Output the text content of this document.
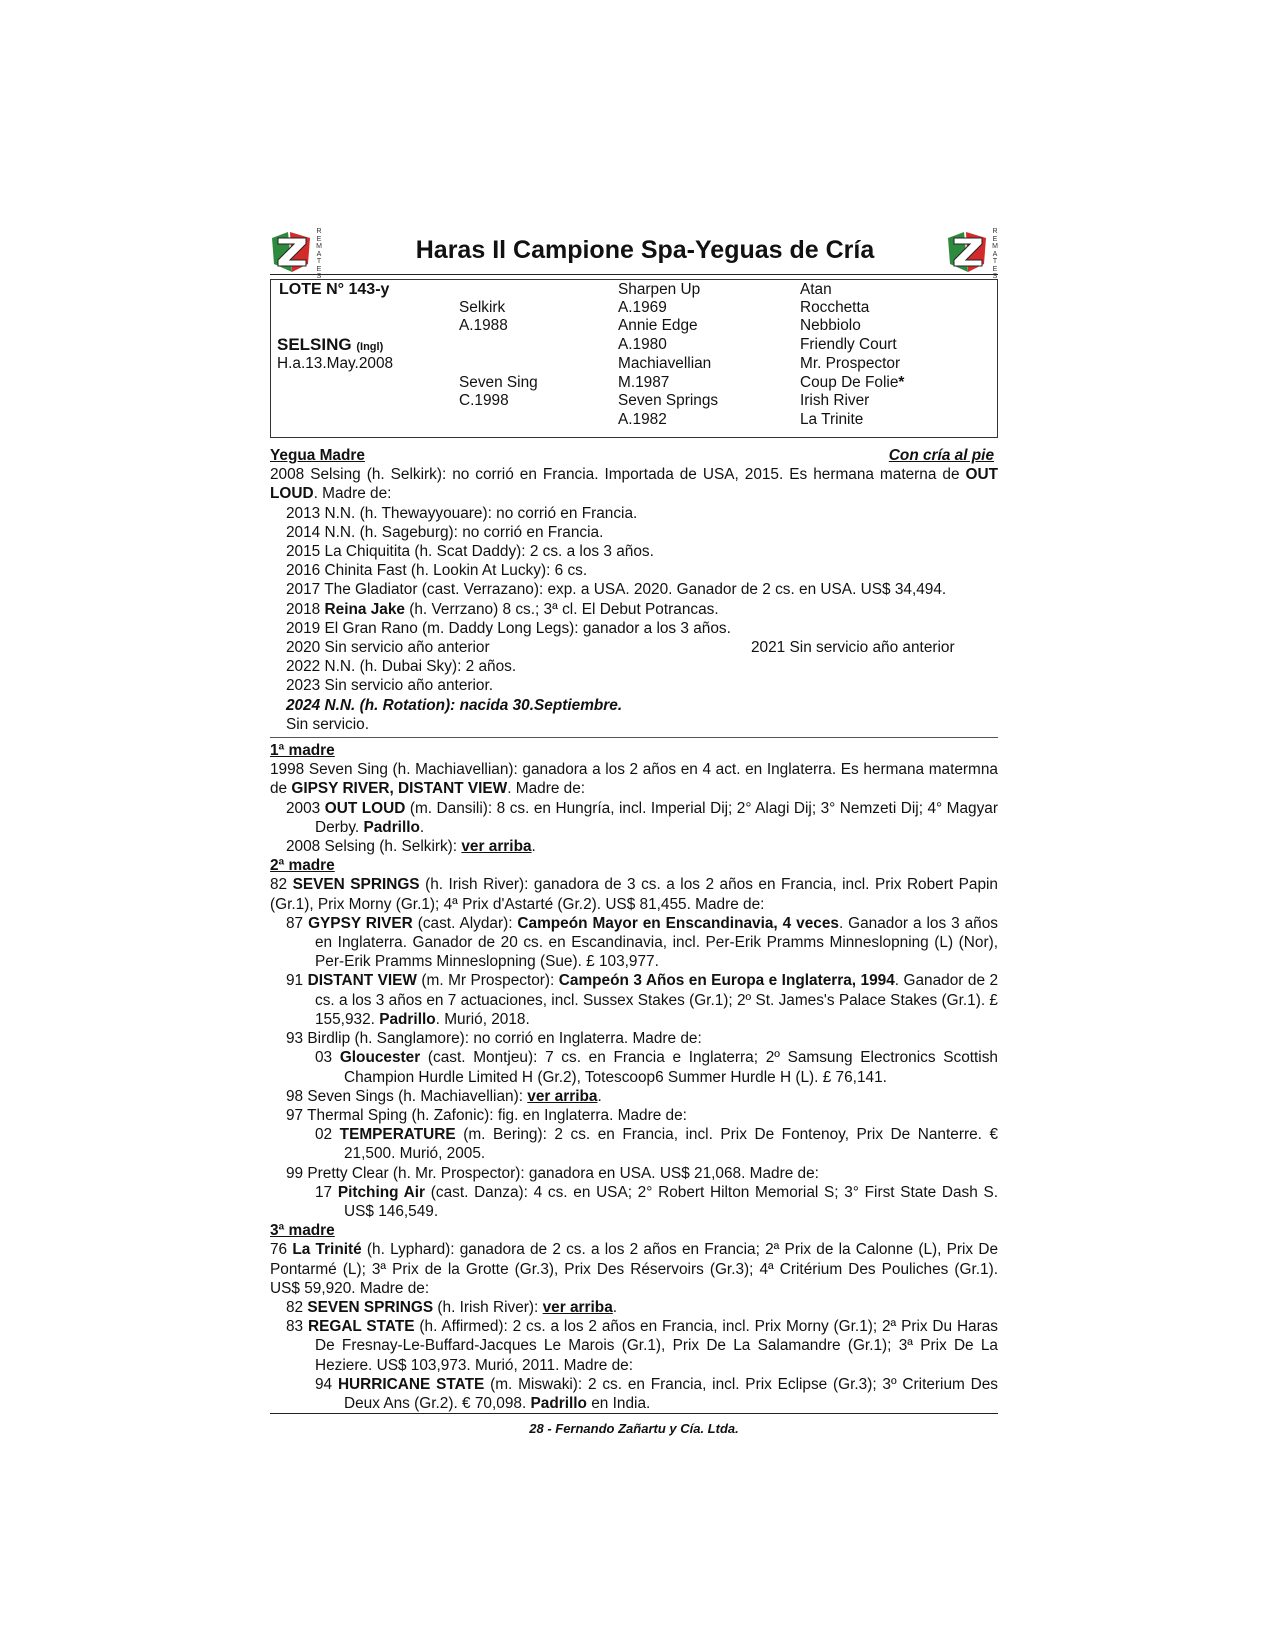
R
E
M
A
T
E
S
Haras Il Campione Spa-Yeguas de Cría
R
E
M
A
T
E
S
LOTE N° 143-y
SELSING (Ingl)
H.a.13.May.2008
Selkirk
A.1988
Seven Sing
C.1998
Sharpen Up
A.1969
Annie Edge
A.1980
Machiavellian
M.1987
Seven Springs
A.1982
Atan
Rocchetta
Nebbiolo
Friendly Court
Mr. Prospector
Coup De Folie*
Irish River
La Trinite
Yegua Madre	Con cría al pie
2008 Selsing (h. Selkirk): no corrió en Francia. Importada de USA, 2015. Es hermana materna de OUT LOUD. Madre de:
2013 N.N. (h. Thewayyouare): no corrió en Francia.
2014 N.N. (h. Sageburg): no corrió en Francia.
2015 La Chiquitita (h. Scat Daddy): 2 cs. a los 3 años.
2016 Chinita Fast (h. Lookin At Lucky): 6 cs.
2017 The Gladiator (cast. Verrazano): exp. a USA. 2020. Ganador de 2 cs. en USA. US$ 34,494.
2018 Reina Jake (h. Verrzano) 8 cs.; 3ª cl. El Debut Potrancas.
2019 El Gran Rano (m. Daddy Long Legs): ganador a los 3 años.
2020 Sin servicio año anterior	2021 Sin servicio año anterior
2022 N.N. (h. Dubai Sky): 2 años.
2023 Sin servicio año anterior.
2024 N.N. (h. Rotation): nacida 30.Septiembre.
Sin servicio.
1ª madre
1998 Seven Sing (h. Machiavellian): ganadora a los 2 años en 4 act. en Inglaterra. Es hermana matermna de GIPSY RIVER, DISTANT VIEW. Madre de:
2003 OUT LOUD (m. Dansili): 8 cs. en Hungría, incl. Imperial Dij; 2° Alagi Dij; 3° Nemzeti Dij; 4° Magyar Derby. Padrillo.
2008 Selsing (h. Selkirk): ver arriba.
2ª madre
82 SEVEN SPRINGS (h. Irish River): ganadora de 3 cs. a los 2 años en Francia, incl. Prix Robert Papin (Gr.1), Prix Morny (Gr.1); 4ª Prix d'Astarté (Gr.2). US$ 81,455. Madre de:
87 GYPSY RIVER (cast. Alydar): Campeón Mayor en Enscandinavia, 4 veces. Ganador a los 3 años en Inglaterra. Ganador de 20 cs. en Escandinavia, incl. Per-Erik Pramms Minneslopning (L) (Nor), Per-Erik Pramms Minneslopning (Sue). £ 103,977.
91 DISTANT VIEW (m. Mr Prospector): Campeón 3 Años en Europa e Inglaterra, 1994. Ganador de 2 cs. a los 3 años en 7 actuaciones, incl. Sussex Stakes (Gr.1); 2º St. James's Palace Stakes (Gr.1). £ 155,932. Padrillo. Murió, 2018.
93 Birdlip (h. Sanglamore): no corrió en Inglaterra. Madre de:
03 Gloucester (cast. Montjeu): 7 cs. en Francia e Inglaterra; 2º Samsung Electronics Scottish Champion Hurdle Limited H (Gr.2), Totescoop6 Summer Hurdle H (L). £ 76,141.
98 Seven Sings (h. Machiavellian): ver arriba.
97 Thermal Sping (h. Zafonic): fig. en Inglaterra. Madre de:
02 TEMPERATURE (m. Bering): 2 cs. en Francia, incl. Prix De Fontenoy, Prix De Nanterre. € 21,500. Murió, 2005.
99 Pretty Clear (h. Mr. Prospector): ganadora en USA. US$ 21,068. Madre de:
17 Pitching Air (cast. Danza): 4 cs. en USA; 2° Robert Hilton Memorial S; 3° First State Dash S. US$ 146,549.
3ª madre
76 La Trinité (h. Lyphard): ganadora de 2 cs. a los 2 años en Francia; 2ª Prix de la Calonne (L), Prix De Pontarmé (L); 3ª Prix de la Grotte (Gr.3), Prix Des Réservoirs (Gr.3); 4ª Critérium Des Pouliches (Gr.1). US$ 59,920. Madre de:
82 SEVEN SPRINGS (h. Irish River): ver arriba.
83 REGAL STATE (h. Affirmed): 2 cs. a los 2 años en Francia, incl. Prix Morny (Gr.1); 2ª Prix Du Haras De Fresnay-Le-Buffard-Jacques Le Marois (Gr.1), Prix De La Salamandre (Gr.1); 3ª Prix De La Heziere. US$ 103,973. Murió, 2011. Madre de:
94 HURRICANE STATE (m. Miswaki): 2 cs. en Francia, incl. Prix Eclipse (Gr.3); 3º Criterium Des Deux Ans (Gr.2). € 70,098. Padrillo en India.
28 - Fernando Zañartu y Cía. Ltda.
